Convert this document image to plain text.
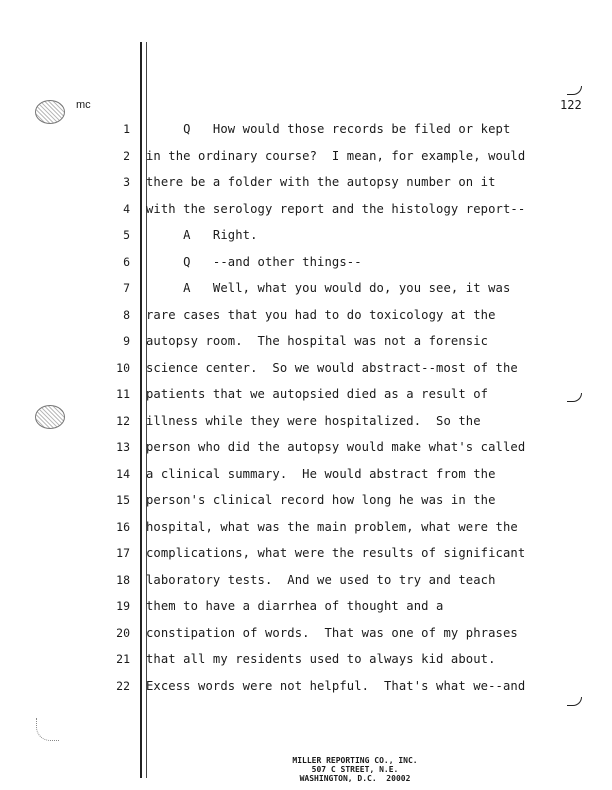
mc	122
1 Q   How would those records be filed or kept
2 in the ordinary course?  I mean, for example, would
3 there be a folder with the autopsy number on it
4 with the serology report and the histology report--
5 A   Right.
6 Q   --and other things--
7 A   Well, what you would do, you see, it was
8 rare cases that you had to do toxicology at the
9 autopsy room.  The hospital was not a forensic
10 science center.  So we would abstract--most of the
11 patients that we autopsied died as a result of
12 illness while they were hospitalized.  So the
13 person who did the autopsy would make what's called
14 a clinical summary.  He would abstract from the
15 person's clinical record how long he was in the
16 hospital, what was the main problem, what were the
17 complications, what were the results of significant
18 laboratory tests.  And we used to try and teach
19 them to have a diarrhea of thought and a
20 constipation of words.  That was one of my phrases
21 that all my residents used to always kid about.
22 Excess words were not helpful.  That's what we--and
MILLER REPORTING CO., INC.
507 C STREET, N.E.
WASHINGTON, D.C.  20002
